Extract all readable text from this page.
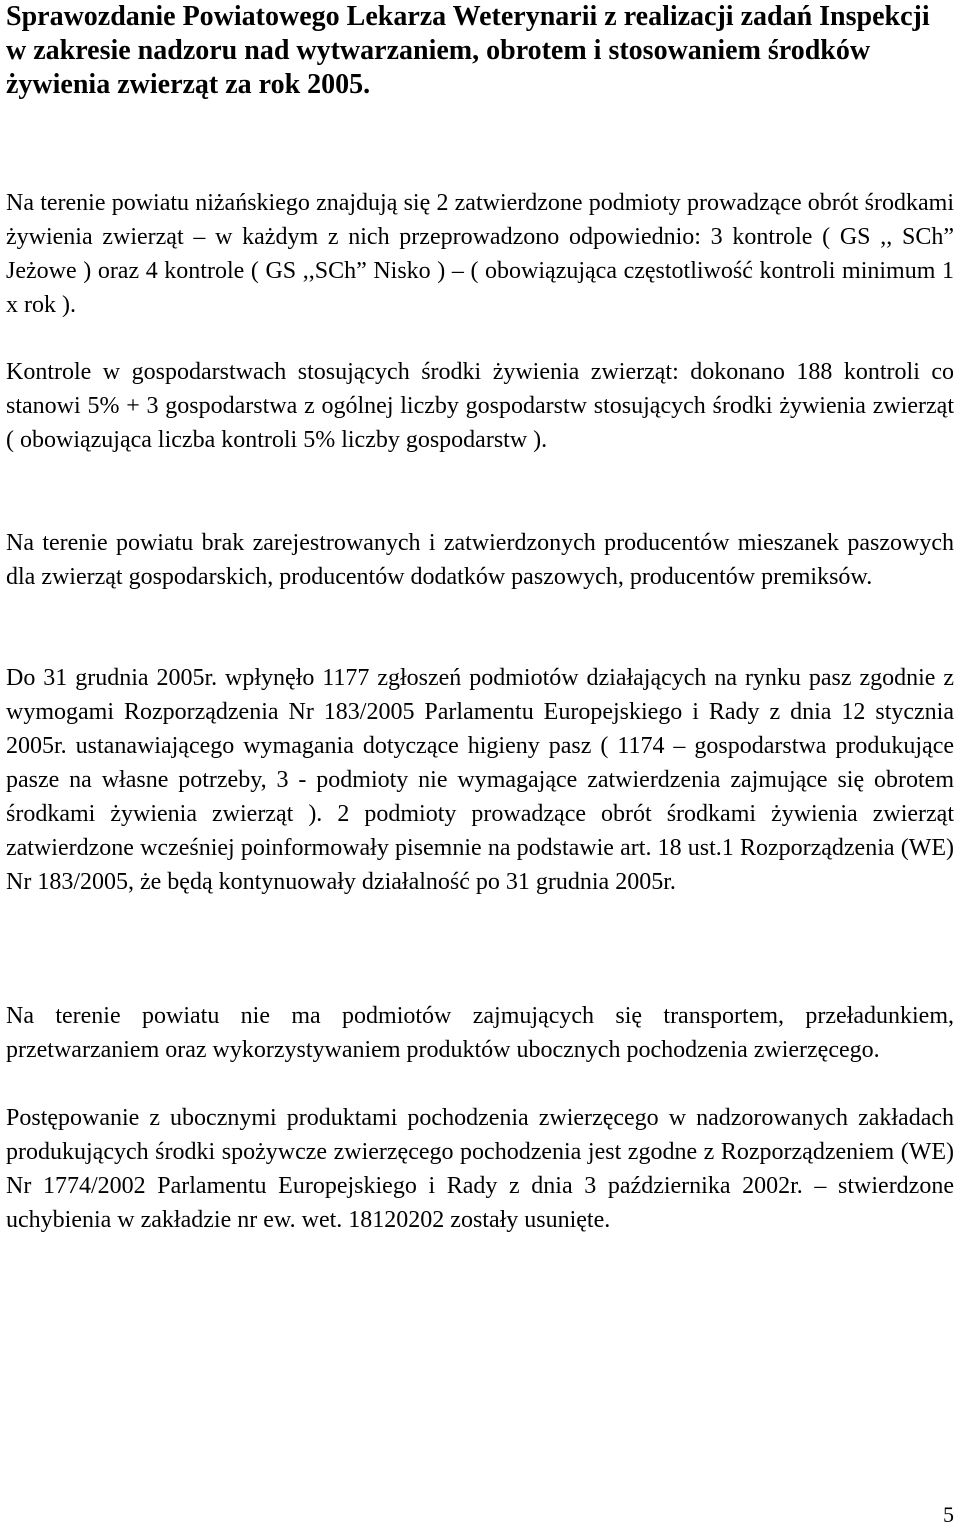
Sprawozdanie Powiatowego Lekarza Weterynarii z realizacji zadań Inspekcji w zakresie nadzoru nad wytwarzaniem, obrotem i stosowaniem środków żywienia zwierząt za rok 2005.

Na terenie powiatu niżańskiego znajdują się 2 zatwierdzone podmioty prowadzące obrót środkami żywienia zwierząt – w każdym z nich przeprowadzono odpowiednio: 3 kontrole ( GS ,, SCh” Jeżowe ) oraz 4 kontrole ( GS ,,SCh” Nisko ) – ( obowiązująca częstotliwość kontroli minimum 1 x rok ).

Kontrole w gospodarstwach stosujących środki żywienia zwierząt: dokonano 188 kontroli co stanowi 5% + 3 gospodarstwa z ogólnej liczby gospodarstw stosujących środki żywienia zwierząt ( obowiązująca liczba kontroli 5% liczby gospodarstw ).

Na terenie powiatu brak zarejestrowanych i zatwierdzonych producentów mieszanek paszowych dla zwierząt gospodarskich, producentów dodatków paszowych, producentów premiksów.

Do 31 grudnia 2005r. wpłynęło 1177 zgłoszeń podmiotów działających na rynku pasz zgodnie z wymogami Rozporządzenia Nr 183/2005 Parlamentu Europejskiego i Rady z dnia 12 stycznia 2005r. ustanawiającego wymagania dotyczące higieny pasz ( 1174 – gospodarstwa produkujące pasze na własne potrzeby, 3 - podmioty nie wymagające zatwierdzenia zajmujące się obrotem środkami żywienia zwierząt ). 2 podmioty prowadzące obrót środkami żywienia zwierząt zatwierdzone wcześniej poinformowały pisemnie na podstawie art. 18 ust.1 Rozporządzenia (WE) Nr 183/2005, że będą kontynuowały działalność po 31 grudnia 2005r.

Na terenie powiatu nie ma podmiotów zajmujących się transportem, przeładunkiem, przetwarzaniem oraz wykorzystywaniem produktów ubocznych pochodzenia zwierzęcego.

Postępowanie z ubocznymi produktami pochodzenia zwierzęcego w nadzorowanych zakładach produkujących środki spożywcze zwierzęcego pochodzenia jest zgodne z Rozporządzeniem (WE) Nr 1774/2002 Parlamentu Europejskiego i Rady z dnia 3 października 2002r. – stwierdzone uchybienia w zakładzie nr ew. wet. 18120202 zostały usunięte.

5
